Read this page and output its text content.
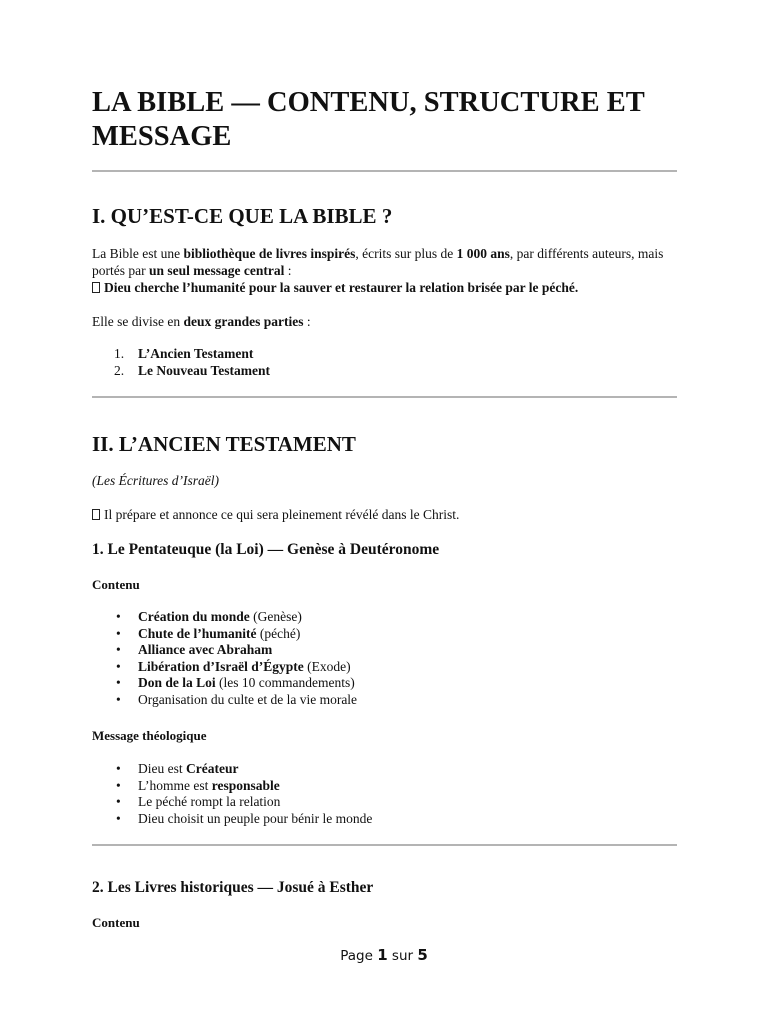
LA BIBLE — CONTENU, STRUCTURE ET MESSAGE
I. QU’EST-CE QUE LA BIBLE ?

La Bible est une bibliothèque de livres inspirés, écrits sur plus de 1 000 ans, par différents auteurs, mais portés par un seul message central :
Dieu cherche l’humanité pour la sauver et restaurer la relation brisée par le péché.

Elle se divise en deux grandes parties :

1. L’Ancien Testament
2. Le Nouveau Testament
II. L’ANCIEN TESTAMENT

(Les Écritures d’Israël)

Il prépare et annonce ce qui sera pleinement révélé dans le Christ.

1. Le Pentateuque (la Loi) — Genèse à Deutéronome
Contenu
• Création du monde (Genèse)
• Chute de l’humanité (péché)
• Alliance avec Abraham
• Libération d’Israël d’Égypte (Exode)
• Don de la Loi (les 10 commandements)
• Organisation du culte et de la vie morale
Message théologique
• Dieu est Créateur
• L’homme est responsable
• Le péché rompt la relation
• Dieu choisit un peuple pour bénir le monde
2. Les Livres historiques — Josué à Esther
Contenu
Page 1 sur 5
